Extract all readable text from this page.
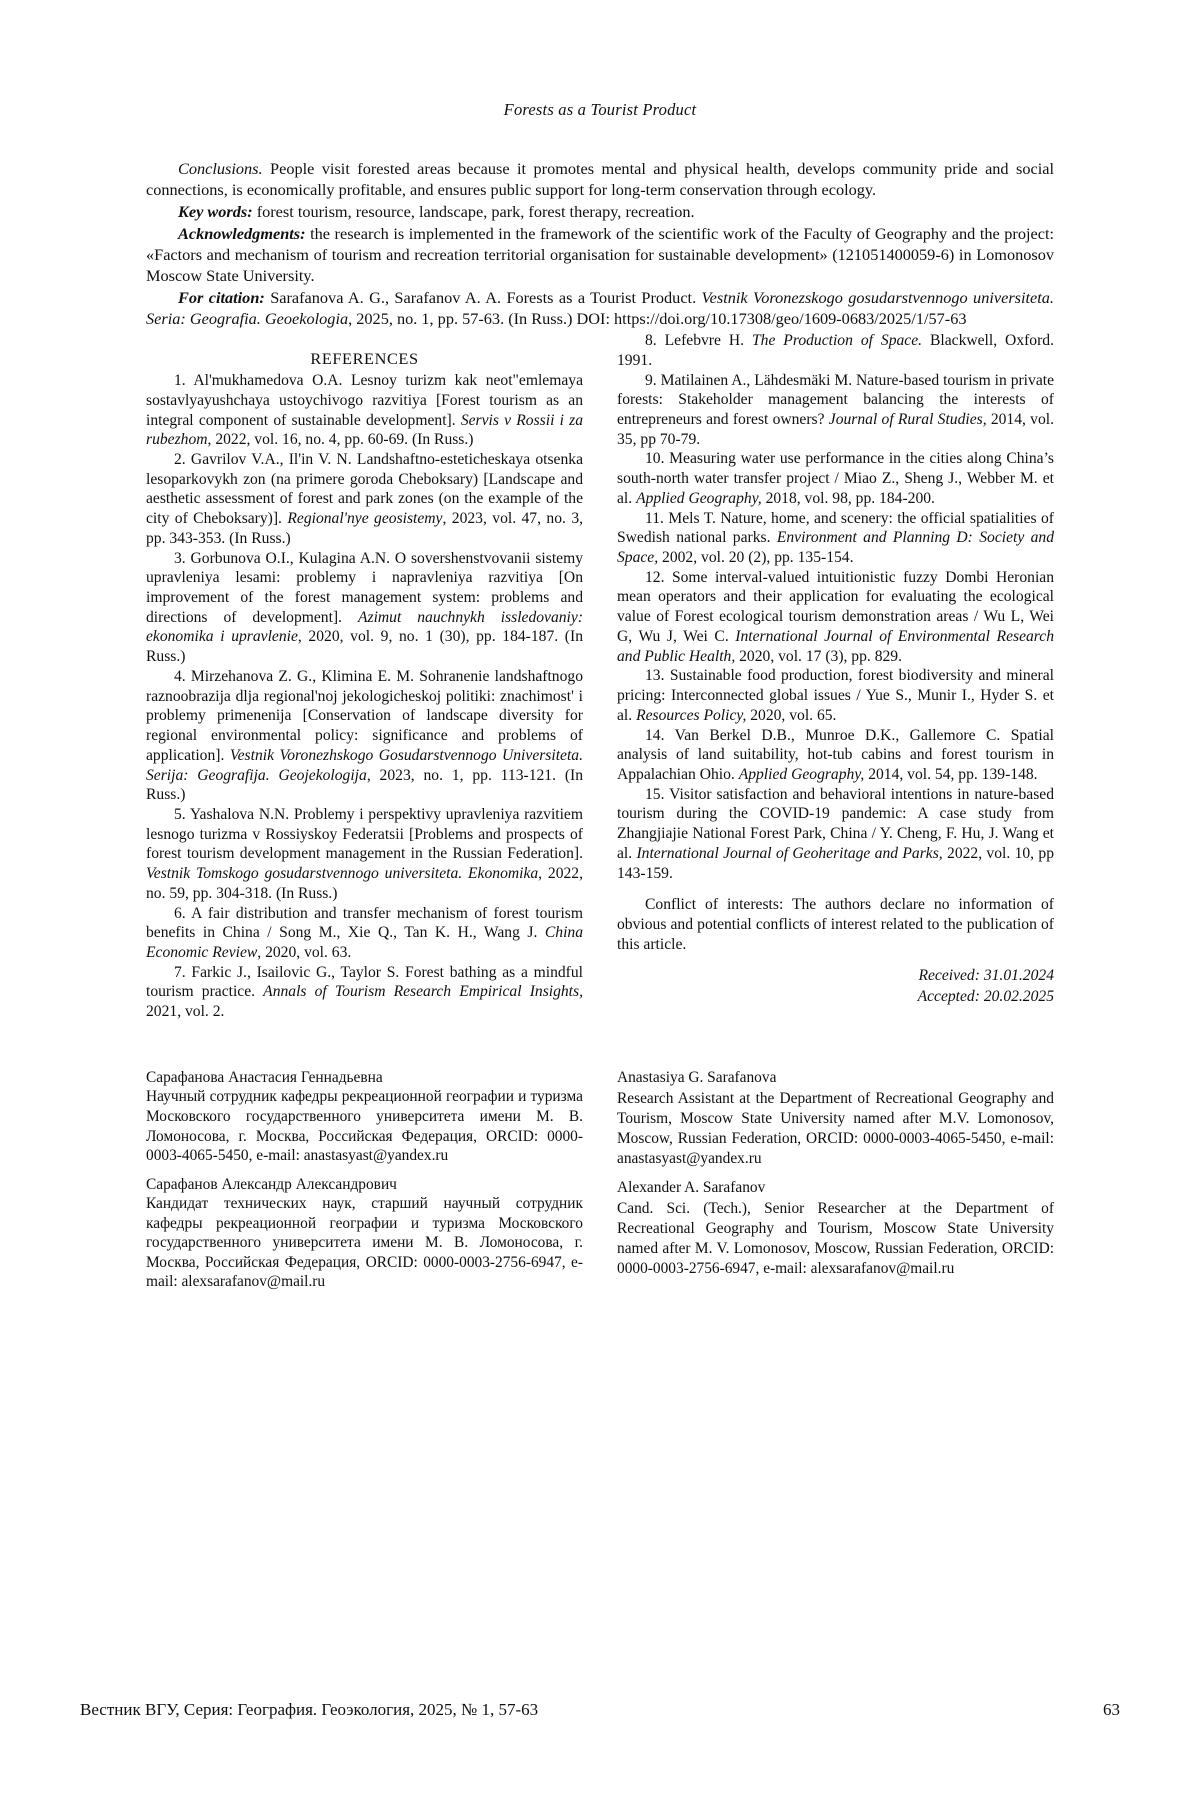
Forests as a Tourist Product

Conclusions. People visit forested areas because it promotes mental and physical health, develops community pride and social connections, is economically profitable, and ensures public support for long-term conservation through ecology.

Key words: forest tourism, resource, landscape, park, forest therapy, recreation.

Acknowledgments: the research is implemented in the framework of the scientific work of the Faculty of Geography and the project: «Factors and mechanism of tourism and recreation territorial organisation for sustainable development» (121051400059-6) in Lomonosov Moscow State University.

For citation: Sarafanova A. G., Sarafanov A. A. Forests as a Tourist Product. Vestnik Voronezskogo gosudarstvennogo universiteta. Seria: Geografia. Geoekologia, 2025, no. 1, pp. 57-63. (In Russ.) DOI: https://doi.org/10.17308/geo/1609-0683/2025/1/57-63

REFERENCES

1. Al'mukhamedova O.A. Lesnoy turizm kak neot"emlemaya sostavlyayushchaya ustoychivogo razvitiya [Forest tourism as an integral component of sustainable development]. Servis v Rossii i za rubezhom, 2022, vol. 16, no. 4, pp. 60-69. (In Russ.)

2. Gavrilov V.A., Il'in V. N. Landshaftno-esteticheskaya otsenka lesoparkovykh zon (na primere goroda Cheboksary) [Landscape and aesthetic assessment of forest and park zones (on the example of the city of Cheboksary)]. Regional'nye geosistemy, 2023, vol. 47, no. 3, pp. 343-353. (In Russ.)

3. Gorbunova O.I., Kulagina A.N. O sovershenstvovanii sistemy upravleniya lesami: problemy i napravleniya razvitiya [On improvement of the forest management system: problems and directions of development]. Azimut nauchnykh issledovaniy: ekonomika i upravlenie, 2020, vol. 9, no. 1 (30), pp. 184-187. (In Russ.)

4. Mirzehanova Z. G., Klimina E. M. Sohranenie landshaftnogo raznoobrazija dlja regional'noj jekologicheskoj politiki: znachimost' i problemy primenenija [Conservation of landscape diversity for regional environmental policy: significance and problems of application]. Vestnik Voronezhskogo Gosudarstvennogo Universiteta. Serija: Geografija. Geojekologija, 2023, no. 1, pp. 113-121. (In Russ.)

5. Yashalova N.N. Problemy i perspektivy upravleniya razvitiem lesnogo turizma v Rossiyskoy Federatsii [Problems and prospects of forest tourism development management in the Russian Federation]. Vestnik Tomskogo gosudarstvennogo universiteta. Ekonomika, 2022, no. 59, pp. 304-318. (In Russ.)

6. A fair distribution and transfer mechanism of forest tourism benefits in China / Song M., Xie Q., Tan K. H., Wang J. China Economic Review, 2020, vol. 63.

7. Farkic J., Isailovic G., Taylor S. Forest bathing as a mindful tourism practice. Annals of Tourism Research Empirical Insights, 2021, vol. 2.

8. Lefebvre H. The Production of Space. Blackwell, Oxford. 1991.

9. Matilainen A., Lähdesmäki M. Nature-based tourism in private forests: Stakeholder management balancing the interests of entrepreneurs and forest owners? Journal of Rural Studies, 2014, vol. 35, pp 70-79.

10. Measuring water use performance in the cities along China’s south-north water transfer project / Miao Z., Sheng J., Webber M. et al. Applied Geography, 2018, vol. 98, pp. 184-200.

11. Mels T. Nature, home, and scenery: the official spatialities of Swedish national parks. Environment and Planning D: Society and Space, 2002, vol. 20 (2), pp. 135-154.

12. Some interval-valued intuitionistic fuzzy Dombi Heronian mean operators and their application for evaluating the ecological value of Forest ecological tourism demonstration areas / Wu L, Wei G, Wu J, Wei C. International Journal of Environmental Research and Public Health, 2020, vol. 17 (3), pp. 829.

13. Sustainable food production, forest biodiversity and mineral pricing: Interconnected global issues / Yue S., Munir I., Hyder S. et al. Resources Policy, 2020, vol. 65.

14. Van Berkel D.B., Munroe D.K., Gallemore C. Spatial analysis of land suitability, hot-tub cabins and forest tourism in Appalachian Ohio. Applied Geography, 2014, vol. 54, pp. 139-148.

15. Visitor satisfaction and behavioral intentions in nature-based tourism during the COVID-19 pandemic: A case study from Zhangjiajie National Forest Park, China / Y. Cheng, F. Hu, J. Wang et al. International Journal of Geoheritage and Parks, 2022, vol. 10, pp 143-159.

Conflict of interests: The authors declare no information of obvious and potential conflicts of interest related to the publication of this article.

Received: 31.01.2024
Accepted: 20.02.2025

Сарафанова Анастасия Геннадьевна

Научный сотрудник кафедры рекреационной географии и туризма Московского государственного университета имени М. В. Ломоносова, г. Москва, Российская Федерация, ORCID: 0000-0003-4065-5450, e-mail: anastasyast@yandex.ru

Сарафанов Александр Александрович

Кандидат технических наук, старший научный сотрудник кафедры рекреационной географии и туризма Московского государственного университета имени М. В. Ломоносова, г. Москва, Российская Федерация, ORCID: 0000-0003-2756-6947, e-mail: alexsarafanov@mail.ru

Anastasiya G. Sarafanova

Research Assistant at the Department of Recreational Geography and Tourism, Moscow State University named after M.V. Lomonosov, Moscow, Russian Federation, ORCID: 0000-0003-4065-5450, e-mail: anastasyast@yandex.ru

Alexander A. Sarafanov

Cand. Sci. (Tech.), Senior Researcher at the Department of Recreational Geography and Tourism, Moscow State University named after M. V. Lomonosov, Moscow, Russian Federation, ORCID: 0000-0003-2756-6947, e-mail: alexsarafanov@mail.ru

Вестник ВГУ, Серия: География. Геоэкология, 2025, № 1, 57-63	63
